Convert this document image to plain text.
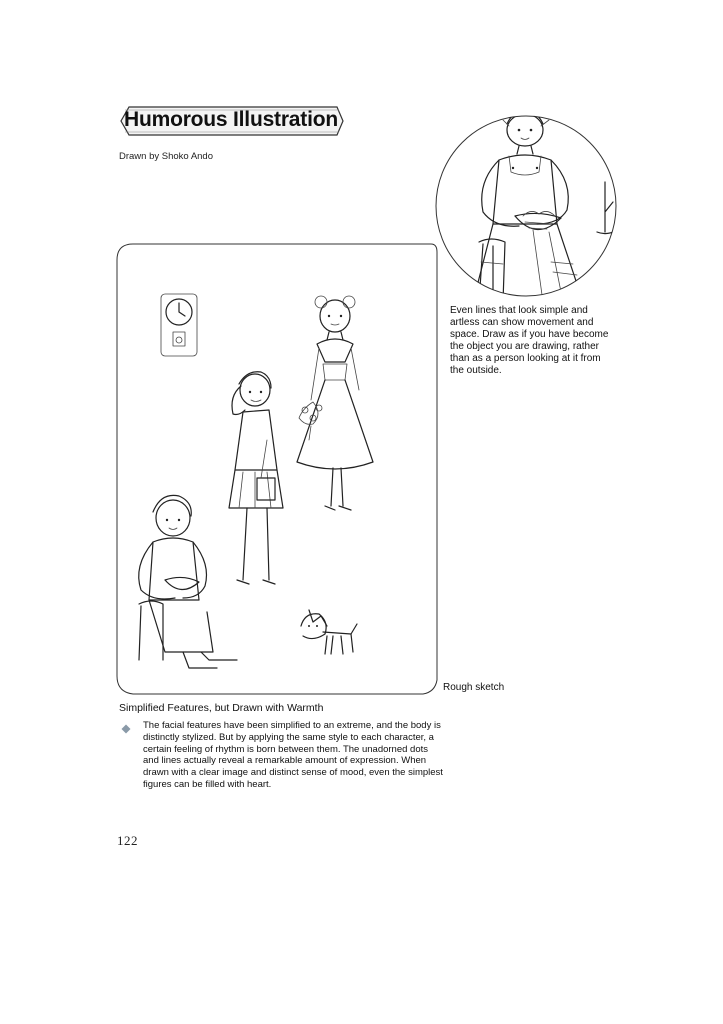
Humorous Illustration
Drawn by Shoko Ando
Even lines that look simple and artless can show movement and space. Draw as if you have become the object you are drawing, rather than as a person looking at it from the outside.
Rough sketch
Simplified Features, but Drawn with Warmth
The facial features have been simplified to an extreme, and the body is distinctly stylized. But by applying the same style to each character, a certain feeling of rhythm is born between them. The unadorned dots and lines actually reveal a remarkable amount of expression. When drawn with a clear image and distinct sense of mood, even the simplest figures can be filled with heart.
122
